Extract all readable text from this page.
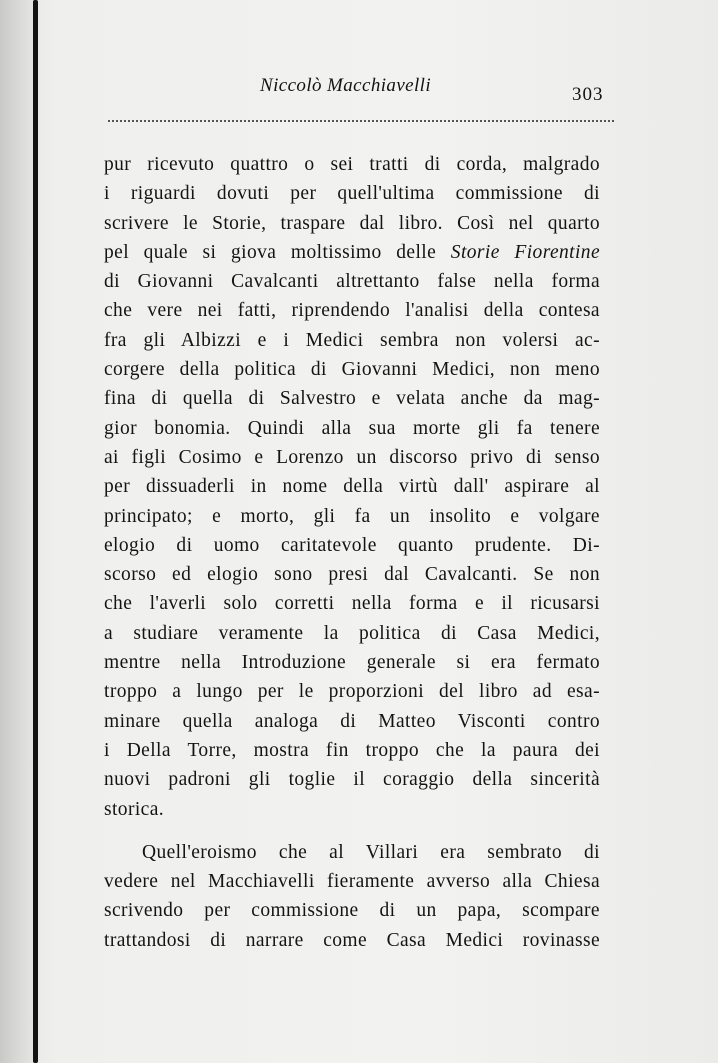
Niccolò Macchiavelli	303
pur ricevuto quattro o sei tratti di corda, malgrado
i riguardi dovuti per quell'ultima commissione di
scrivere le Storie, traspare dal libro. Così nel quarto
pel quale si giova moltissimo delle Storie Fiorentine
di Giovanni Cavalcanti altrettanto false nella forma
che vere nei fatti, riprendendo l'analisi della contesa
fra gli Albizzi e i Medici sembra non volersi ac-
corgere della politica di Giovanni Medici, non meno
fina di quella di Salvestro e velata anche da mag-
gior bonomia. Quindi alla sua morte gli fa tenere
ai figli Cosimo e Lorenzo un discorso privo di senso
per dissuaderli in nome della virtù dall' aspirare al
principato; e morto, gli fa un insolito e volgare
elogio di uomo caritatevole quanto prudente. Di-
scorso ed elogio sono presi dal Cavalcanti. Se non
che l'averli solo corretti nella forma e il ricusarsi
a studiare veramente la politica di Casa Medici,
mentre nella Introduzione generale si era fermato
troppo a lungo per le proporzioni del libro ad esa-
minare quella analoga di Matteo Visconti contro
i Della Torre, mostra fin troppo che la paura dei
nuovi padroni gli toglie il coraggio della sincerità
storica.
Quell'eroismo che al Villari era sembrato di
vedere nel Macchiavelli fieramente avverso alla Chiesa
scrivendo per commissione di un papa, scompare
trattandosi di narrare come Casa Medici rovinasse
